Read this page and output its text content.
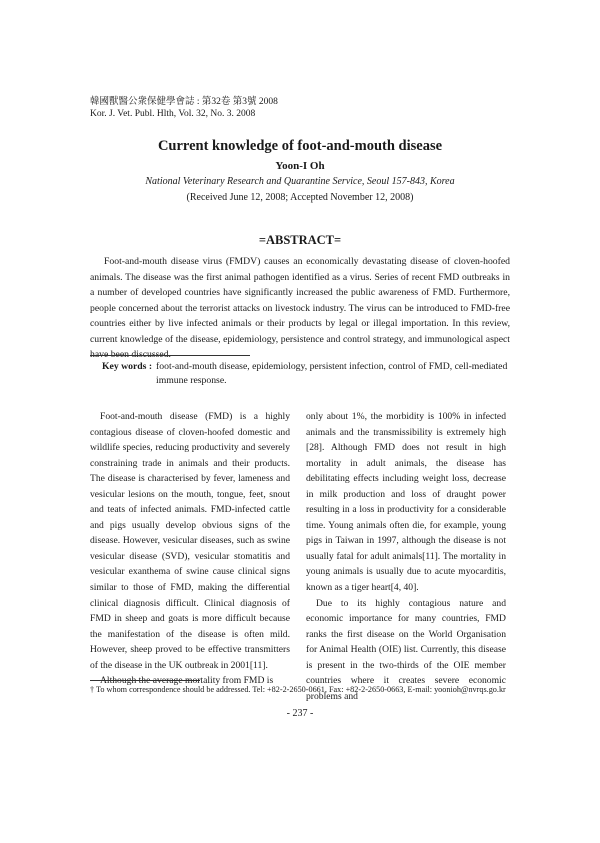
韓國獸醫公衆保健學會誌 : 第32卷 第3號 2008
Kor. J. Vet. Publ. Hlth, Vol. 32, No. 3. 2008
Current knowledge of foot-and-mouth disease
Yoon-I Oh
National Veterinary Research and Quarantine Service, Seoul 157-843, Korea
(Received June 12, 2008; Accepted November 12, 2008)
=ABSTRACT=
Foot-and-mouth disease virus (FMDV) causes an economically devastating disease of cloven-hoofed animals. The disease was the first animal pathogen identified as a virus. Series of recent FMD outbreaks in a number of developed countries have significantly increased the public awareness of FMD. Furthermore, people concerned about the terrorist attacks on livestock industry. The virus can be introduced to FMD-free countries either by live infected animals or their products by legal or illegal importation. In this review, current knowledge of the disease, epidemiology, persistence and control strategy, and immunological aspect have been discussed.
Key words : foot-and-mouth disease, epidemiology, persistent infection, control of FMD, cell-mediated immune response.

Foot-and-mouth disease (FMD) is a highly contagious disease of cloven-hoofed domestic and wildlife species, reducing productivity and severely constraining trade in animals and their products. The disease is characterised by fever, lameness and vesicular lesions on the mouth, tongue, feet, snout and teats of infected animals. FMD-infected cattle and pigs usually develop obvious signs of the disease. However, vesicular diseases, such as swine vesicular disease (SVD), vesicular stomatitis and vesicular exanthema of swine cause clinical signs similar to those of FMD, making the differential clinical diagnosis difficult. Clinical diagnosis of FMD in sheep and goats is more difficult because the manifestation of the disease is often mild. However, sheep proved to be effective transmitters of the disease in the UK outbreak in 2001[11].

Although the average mortality from FMD is

only about 1%, the morbidity is 100% in infected animals and the transmissibility is extremely high [28]. Although FMD does not result in high mortality in adult animals, the disease has debilitating effects including weight loss, decrease in milk production and loss of draught power resulting in a loss in productivity for a considerable time. Young animals often die, for example, young pigs in Taiwan in 1997, although the disease is not usually fatal for adult animals[11]. The mortality in young animals is usually due to acute myocarditis, known as a tiger heart[4, 40].

Due to its highly contagious nature and economic importance for many countries, FMD ranks the first disease on the World Organisation for Animal Health (OIE) list. Currently, this disease is present in the two-thirds of the OIE member countries where it creates severe economic problems and

† To whom correspondence should be addressed. Tel: +82-2-2650-0661, Fax: +82-2-2650-0663, E-mail: yoonioh@nvrqs.go.kr
- 237 -
